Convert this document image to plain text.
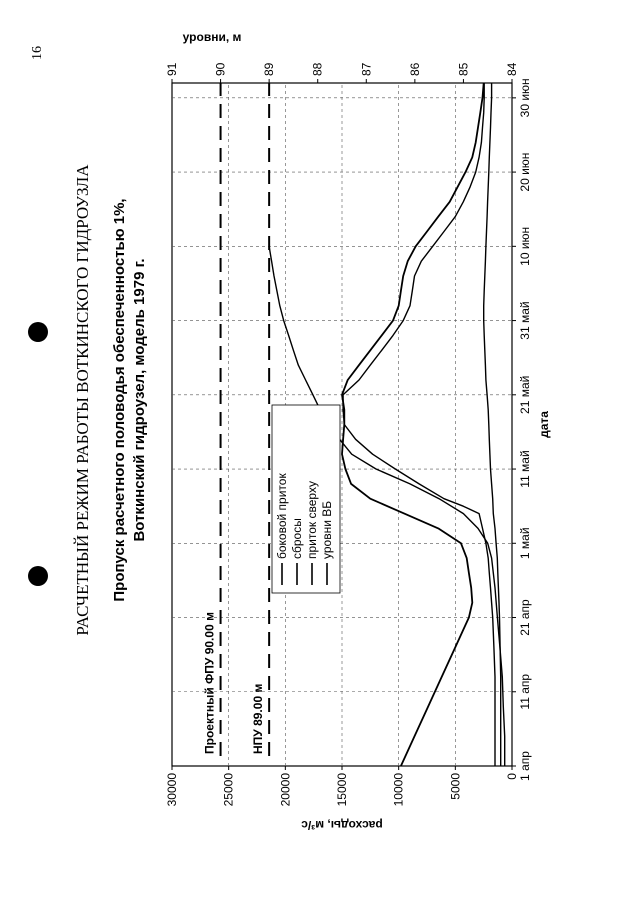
16
РАСЧЕТНЫЙ РЕЖИМ РАБОТЫ ВОТКИНСКОГО ГИДРОУЗЛА Пропуск расчетного половодья обеспеченностью 1%, Воткинский гидроузел, модель 1979 г.
1 апр
11 апр
21 апр
1 май
11 май
21 май
31 май
10 июн
20 июн
30 июн
0
5000
10000
15000
20000
25000
30000
84
85
86
87
88
89
90
91
дата
расходы, м³/с
уровни, м
Проектный ФПУ 90.00 м	НПУ 89.00 м
боковой приток сбросы приток сверху уровни ВБ
